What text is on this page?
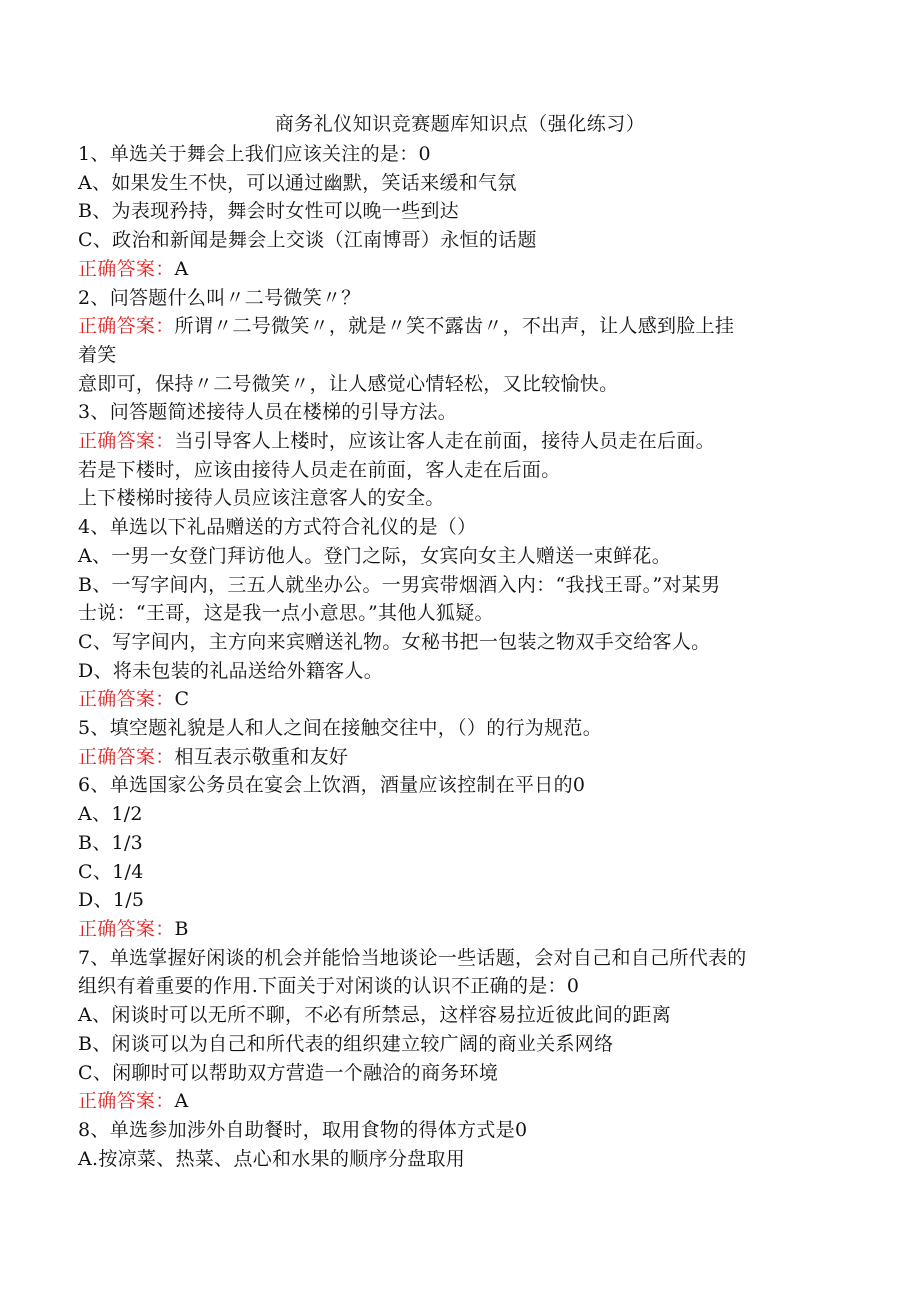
商务礼仪知识竞赛题库知识点（强化练习）
1、单选关于舞会上我们应该关注的是：0
A、如果发生不快，可以通过幽默，笑话来缓和气氛
B、为表现矜持，舞会时女性可以晚一些到达
C、政治和新闻是舞会上交谈（江南博哥）永恒的话题
正确答案：A
2、问答题什么叫〃二号微笑〃？
正确答案：所谓〃二号微笑〃，就是〃笑不露齿〃，不出声，让人感到脸上挂
着笑
意即可，保持〃二号微笑〃，让人感觉心情轻松，又比较愉快。
3、问答题简述接待人员在楼梯的引导方法。
正确答案：当引导客人上楼时，应该让客人走在前面，接待人员走在后面。
若是下楼时，应该由接待人员走在前面，客人走在后面。
上下楼梯时接待人员应该注意客人的安全。
4、单选以下礼品赠送的方式符合礼仪的是（）
A、一男一女登门拜访他人。登门之际，女宾向女主人赠送一束鲜花。
B、一写字间内，三五人就坐办公。一男宾带烟酒入内：“我找王哥。”对某男
士说：“王哥，这是我一点小意思。”其他人狐疑。
C、写字间内，主方向来宾赠送礼物。女秘书把一包装之物双手交给客人。
D、将未包装的礼品送给外籍客人。
正确答案：C
5、填空题礼貌是人和人之间在接触交往中，（）的行为规范。
正确答案：相互表示敬重和友好
6、单选国家公务员在宴会上饮酒，酒量应该控制在平日的0
A、1/2
B、1/3
C、1/4
D、1/5
正确答案：B
7、单选掌握好闲谈的机会并能恰当地谈论一些话题，会对自己和自己所代表的
组织有着重要的作用.下面关于对闲谈的认识不正确的是：0
A、闲谈时可以无所不聊，不必有所禁忌，这样容易拉近彼此间的距离
B、闲谈可以为自己和所代表的组织建立较广阔的商业关系网络
C、闲聊时可以帮助双方营造一个融洽的商务环境
正确答案：A
8、单选参加涉外自助餐时，取用食物的得体方式是0
A.按凉菜、热菜、点心和水果的顺序分盘取用
